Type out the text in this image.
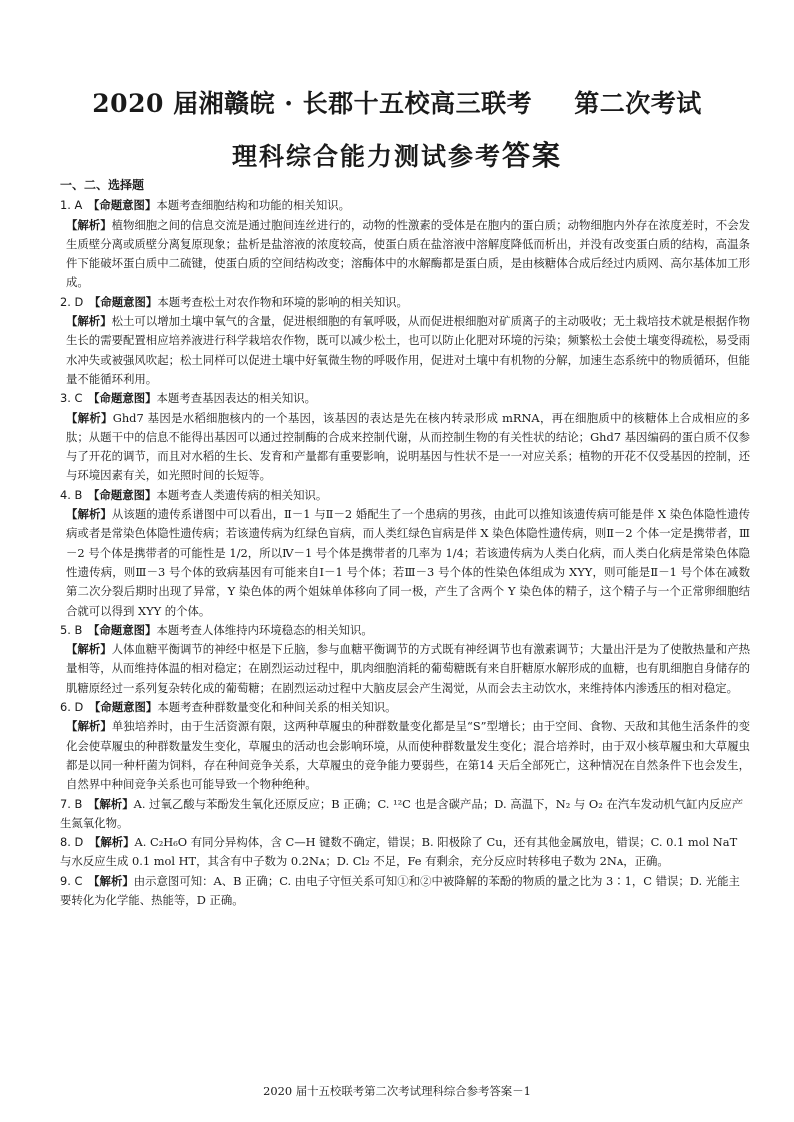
2020 届湘赣皖 · 长郡十五校高三联考 第二次考试
理科综合能力测试参考答案
一、二、选择题
1. A  【命题意图】本题考查细胞结构和功能的相关知识。
【解析】植物细胞之间的信息交流是通过胞间连丝进行的，动物的性激素的受体是在胞内的蛋白质；动物细胞内外存在浓度差时，不会发生质壁分离或质壁分离复原现象；盐析是盐溶液的浓度较高，使蛋白质在盐溶液中溶解度降低而析出，并没有改变蛋白质的结构，高温条件下能破坏蛋白质中二硫键，使蛋白质的空间结构改变；溶酶体中的水解酶都是蛋白质，是由核糖体合成后经过内质网、高尔基体加工形成。
2. D  【命题意图】本题考查松土对农作物和环境的影响的相关知识。
【解析】松土可以增加土壤中氧气的含量，促进根细胞的有氧呼吸，从而促进根细胞对矿质离子的主动吸收；无土栽培技术就是根据作物生长的需要配置相应培养液进行科学栽培农作物，既可以减少松土，也可以防止化肥对环境的污染；频繁松土会使土壤变得疏松，易受雨水冲失或被强风吹起；松土同样可以促进土壤中好氧微生物的呼吸作用，促进对土壤中有机物的分解，加速生态系统中的物质循环，但能量不能循环利用。
3. C  【命题意图】本题考查基因表达的相关知识。
【解析】Ghd7 基因是水稻细胞核内的一个基因，该基因的表达是先在核内转录形成 mRNA，再在细胞质中的核糖体上合成相应的多肽；从题干中的信息不能得出基因可以通过控制酶的合成来控制代谢，从而控制生物的有关性状的结论；Ghd7 基因编码的蛋白质不仅参与了开花的调节，而且对水稻的生长、发育和产量都有重要影响，说明基因与性状不是一一对应关系；植物的开花不仅受基因的控制，还与环境因素有关，如光照时间的长短等。
4. B  【命题意图】本题考查人类遗传病的相关知识。
【解析】从该题的遗传系谱图中可以看出，Ⅱ－1 与Ⅱ－2 婚配生了一个患病的男孩，由此可以推知该遗传病可能是伴 X 染色体隐性遗传病或者是常染色体隐性遗传病；若该遗传病为红绿色盲病，而人类红绿色盲病是伴 X 染色体隐性遗传病，则Ⅱ－2 个体一定是携带者，Ⅲ－2 号个体是携带者的可能性是 1/2，所以Ⅳ－1 号个体是携带者的几率为 1/4；若该遗传病为人类白化病，而人类白化病是常染色体隐性遗传病，则Ⅲ－3 号个体的致病基因有可能来自Ⅰ－1 号个体；若Ⅲ－3 号个体的性染色体组成为 XYY，则可能是Ⅱ－1 号个体在减数第二次分裂后期时出现了异常，Y 染色体的两个姐妹单体移向了同一极，产生了含两个 Y 染色体的精子，这个精子与一个正常卵细胞结合就可以得到 XYY 的个体。
5. B  【命题意图】本题考查人体维持内环境稳态的相关知识。
【解析】人体血糖平衡调节的神经中枢是下丘脑，参与血糖平衡调节的方式既有神经调节也有激素调节；大量出汗是为了使散热量和产热量相等，从而维持体温的相对稳定；在剧烈运动过程中，肌肉细胞消耗的葡萄糖既有来自肝糖原水解形成的血糖，也有肌细胞自身储存的肌糖原经过一系列复杂转化成的葡萄糖；在剧烈运动过程中大脑皮层会产生渴觉，从而会去主动饮水，来维持体内渗透压的相对稳定。
6. D  【命题意图】本题考查种群数量变化和种间关系的相关知识。
【解析】单独培养时，由于生活资源有限，这两种草履虫的种群数量变化都是呈“S”型增长；由于空间、食物、天敌和其他生活条件的变化会使草履虫的种群数量发生变化，草履虫的活动也会影响环境，从而使种群数量发生变化；混合培养时，由于双小核草履虫和大草履虫都是以同一种杆菌为饲料，存在种间竞争关系，大草履虫的竞争能力要弱些，在第14 天后全部死亡，这种情况在自然条件下也会发生，自然界中种间竞争关系也可能导致一个物种绝种。
7. B  【解析】A. 过氧乙酸与苯酚发生氧化还原反应；B 正确；C. ¹²C 也是含碳产品；D. 高温下，N₂ 与 O₂ 在汽车发动机气缸内反应产生氮氧化物。
8. D  【解析】A. C₂H₆O 有同分异构体，含 C—H 键数不确定，错误；B. 阳极除了 Cu，还有其他金属放电，错误；C. 0.1 mol NaT 与水反应生成 0.1 mol HT，其含有中子数为 0.2Nᴀ；D. Cl₂ 不足，Fe 有剩余，充分反应时转移电子数为 2Nᴀ，正确。
9. C  【解析】由示意图可知：A、B 正确；C. 由电子守恒关系可知①和②中被降解的苯酚的物质的量之比为 3∶1，C 错误；D. 光能主要转化为化学能、热能等，D 正确。
2020 届十五校联考第二次考试理科综合参考答案－1
